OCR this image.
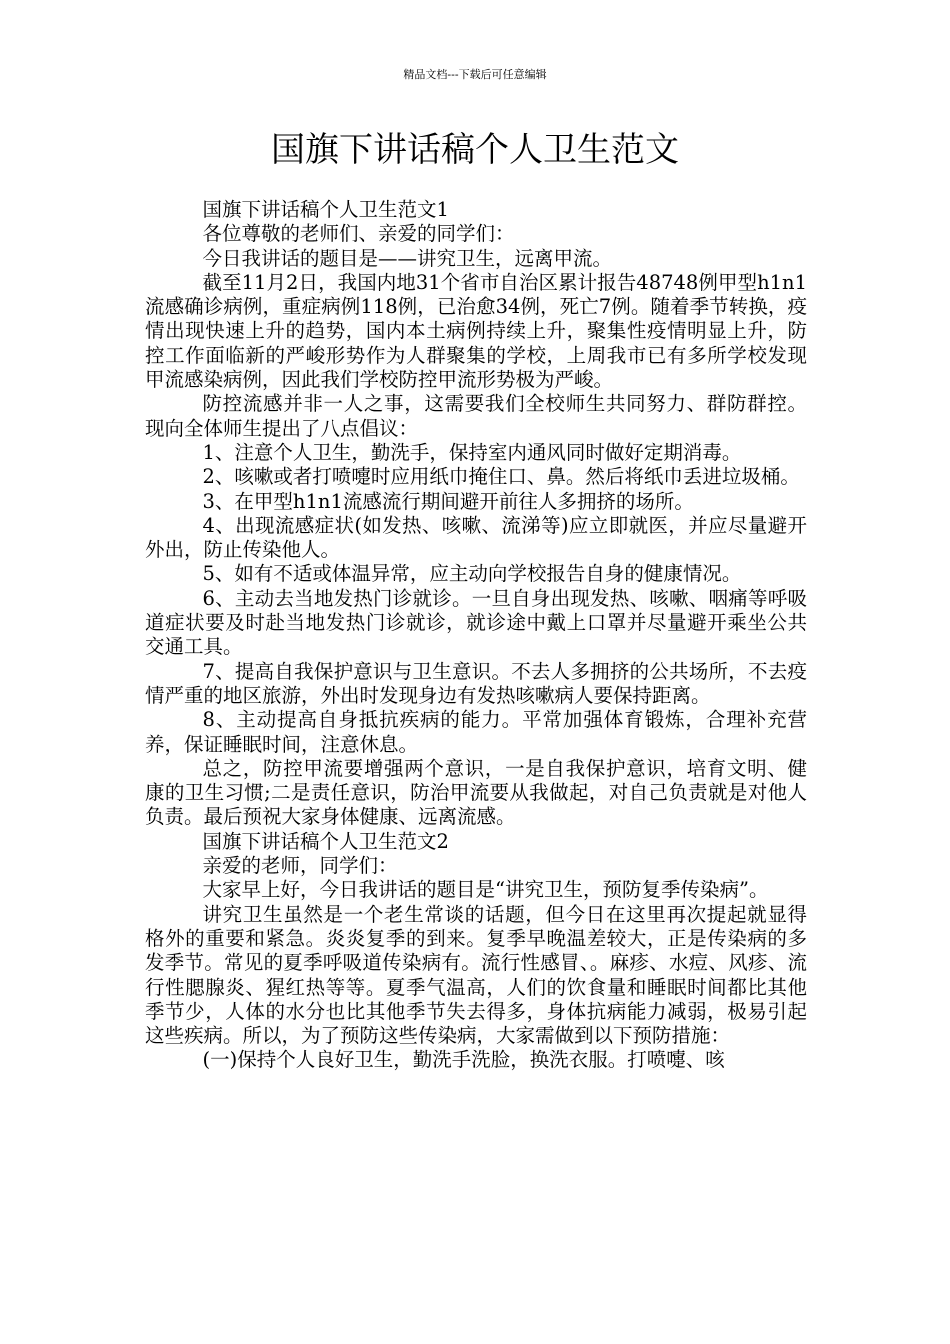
精品文档---下载后可任意编辑
国旗下讲话稿个人卫生范文

国旗下讲话稿个人卫生范文1

各位尊敬的老师们、亲爱的同学们：

今日我讲话的题目是——讲究卫生，远离甲流。

截至11月2日，我国内地31个省市自治区累计报告48748例甲型h1n1流感确诊病例，重症病例118例，已治愈34例，死亡7例。随着季节转换，疫情出现快速上升的趋势，国内本土病例持续上升，聚集性疫情明显上升，防控工作面临新的严峻形势作为人群聚集的学校，上周我市已有多所学校发现甲流感染病例，因此我们学校防控甲流形势极为严峻。

防控流感并非一人之事，这需要我们全校师生共同努力、群防群控。现向全体师生提出了八点倡议：

1、注意个人卫生，勤洗手，保持室内通风同时做好定期消毒。

2、咳嗽或者打喷嚏时应用纸巾掩住口、鼻。然后将纸巾丢进垃圾桶。

3、在甲型h1n1流感流行期间避开前往人多拥挤的场所。

4、出现流感症状(如发热、咳嗽、流涕等)应立即就医，并应尽量避开外出，防止传染他人。

5、如有不适或体温异常，应主动向学校报告自身的健康情况。

6、主动去当地发热门诊就诊。一旦自身出现发热、咳嗽、咽痛等呼吸道症状要及时赴当地发热门诊就诊，就诊途中戴上口罩并尽量避开乘坐公共交通工具。

7、提高自我保护意识与卫生意识。不去人多拥挤的公共场所，不去疫情严重的地区旅游，外出时发现身边有发热咳嗽病人要保持距离。

8、主动提高自身抵抗疾病的能力。平常加强体育锻炼，合理补充营养，保证睡眠时间，注意休息。

总之，防控甲流要增强两个意识，一是自我保护意识，培育文明、健康的卫生习惯;二是责任意识，防治甲流要从我做起，对自己负责就是对他人负责。最后预祝大家身体健康、远离流感。

国旗下讲话稿个人卫生范文2

亲爱的老师，同学们：

大家早上好，今日我讲话的题目是“讲究卫生，预防复季传染病”。

讲究卫生虽然是一个老生常谈的话题，但今日在这里再次提起就显得格外的重要和紧急。炎炎复季的到来。复季早晚温差较大，正是传染病的多发季节。常见的夏季呼吸道传染病有。流行性感冒、。麻疹、水痘、风疹、流行性腮腺炎、猩红热等等。夏季气温高，人们的饮食量和睡眠时间都比其他季节少，人体的水分也比其他季节失去得多，身体抗病能力减弱，极易引起这些疾病。所以，为了预防这些传染病，大家需做到以下预防措施：

(一)保持个人良好卫生，勤洗手洗脸，换洗衣服。打喷嚏、咳
